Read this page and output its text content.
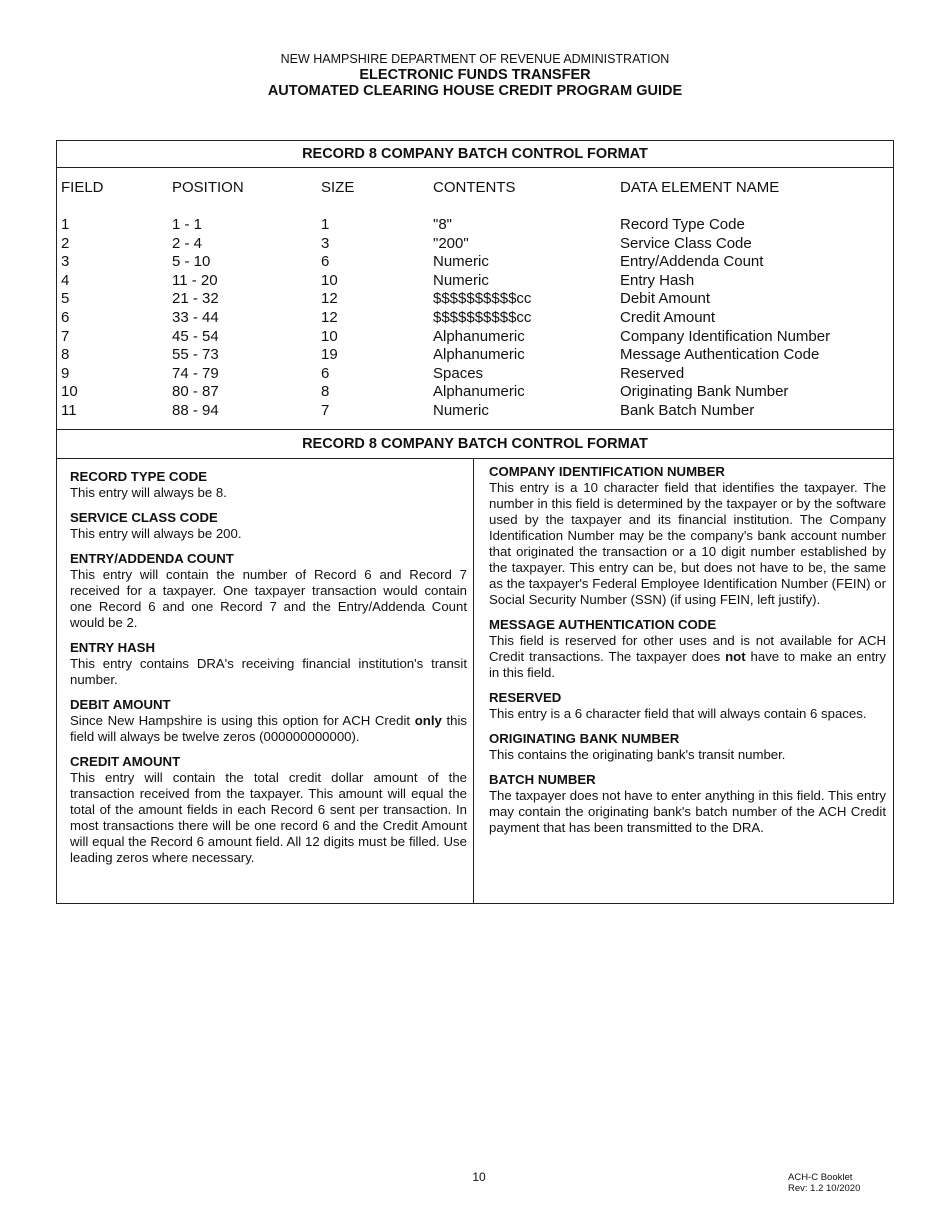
NEW HAMPSHIRE DEPARTMENT OF REVENUE ADMINISTRATION
ELECTRONIC FUNDS TRANSFER
AUTOMATED CLEARING HOUSE CREDIT PROGRAM GUIDE
RECORD 8 COMPANY BATCH CONTROL FORMAT
FIELD	POSITION	SIZE	CONTENTS	DATA ELEMENT NAME
1	1 - 1	1	"8"	Record Type Code
2	2 - 4	3	"200"	Service Class Code
3	5 - 10	6	Numeric	Entry/Addenda Count
4	11 - 20	10	Numeric	Entry Hash
5	21 - 32	12	$$$$$$$$$$cc	Debit Amount
6	33 - 44	12	$$$$$$$$$$cc	Credit Amount
7	45 - 54	10	Alphanumeric	Company Identification Number
8	55 - 73	19	Alphanumeric	Message Authentication Code
9	74 - 79	6	Spaces	Reserved
10	80 - 87	8	Alphanumeric	Originating Bank Number
11	88 - 94	7	Numeric	Bank Batch Number
RECORD 8 COMPANY BATCH CONTROL FORMAT
RECORD TYPE CODE

This entry will always be 8.

SERVICE CLASS CODE

This entry will always be 200.

ENTRY/ADDENDA COUNT

This entry will contain the number of Record 6 and Record 7 received for a taxpayer. One taxpayer transaction would contain one Record 6 and one Record 7 and the Entry/Addenda Count would be 2.

ENTRY HASH

This entry contains DRA's receiving financial institution's transit number.

DEBIT AMOUNT

Since New Hampshire is using this option for ACH Credit only this field will always be twelve zeros (000000000000).

CREDIT AMOUNT

This entry will contain the total credit dollar amount of the transaction received from the taxpayer. This amount will equal the total of the amount fields in each Record 6 sent per transaction. In most transactions there will be one record 6 and the Credit Amount will equal the Record 6 amount field. All 12 digits must be filled. Use leading zeros where necessary.

COMPANY IDENTIFICATION NUMBER

This entry is a 10 character field that identifies the taxpayer. The number in this field is determined by the taxpayer or by the software used by the taxpayer and its financial institution. The Company Identification Number may be the company's bank account number that originated the transaction or a 10 digit number established by the taxpayer. This entry can be, but does not have to be, the same as the taxpayer's Federal Employee Identification Number (FEIN) or Social Security Number (SSN) (if using FEIN, left justify).

MESSAGE AUTHENTICATION CODE

This field is reserved for other uses and is not available for ACH Credit transactions. The taxpayer does not have to make an entry in this field.

RESERVED

This entry is a 6 character field that will always contain 6 spaces.

ORIGINATING BANK NUMBER

This contains the originating bank's transit number.

BATCH NUMBER

The taxpayer does not have to enter anything in this field. This entry may contain the originating bank's batch number of the ACH Credit payment that has been transmitted to the DRA.

10	ACH-C Booklet
Rev: 1.2 10/2020
